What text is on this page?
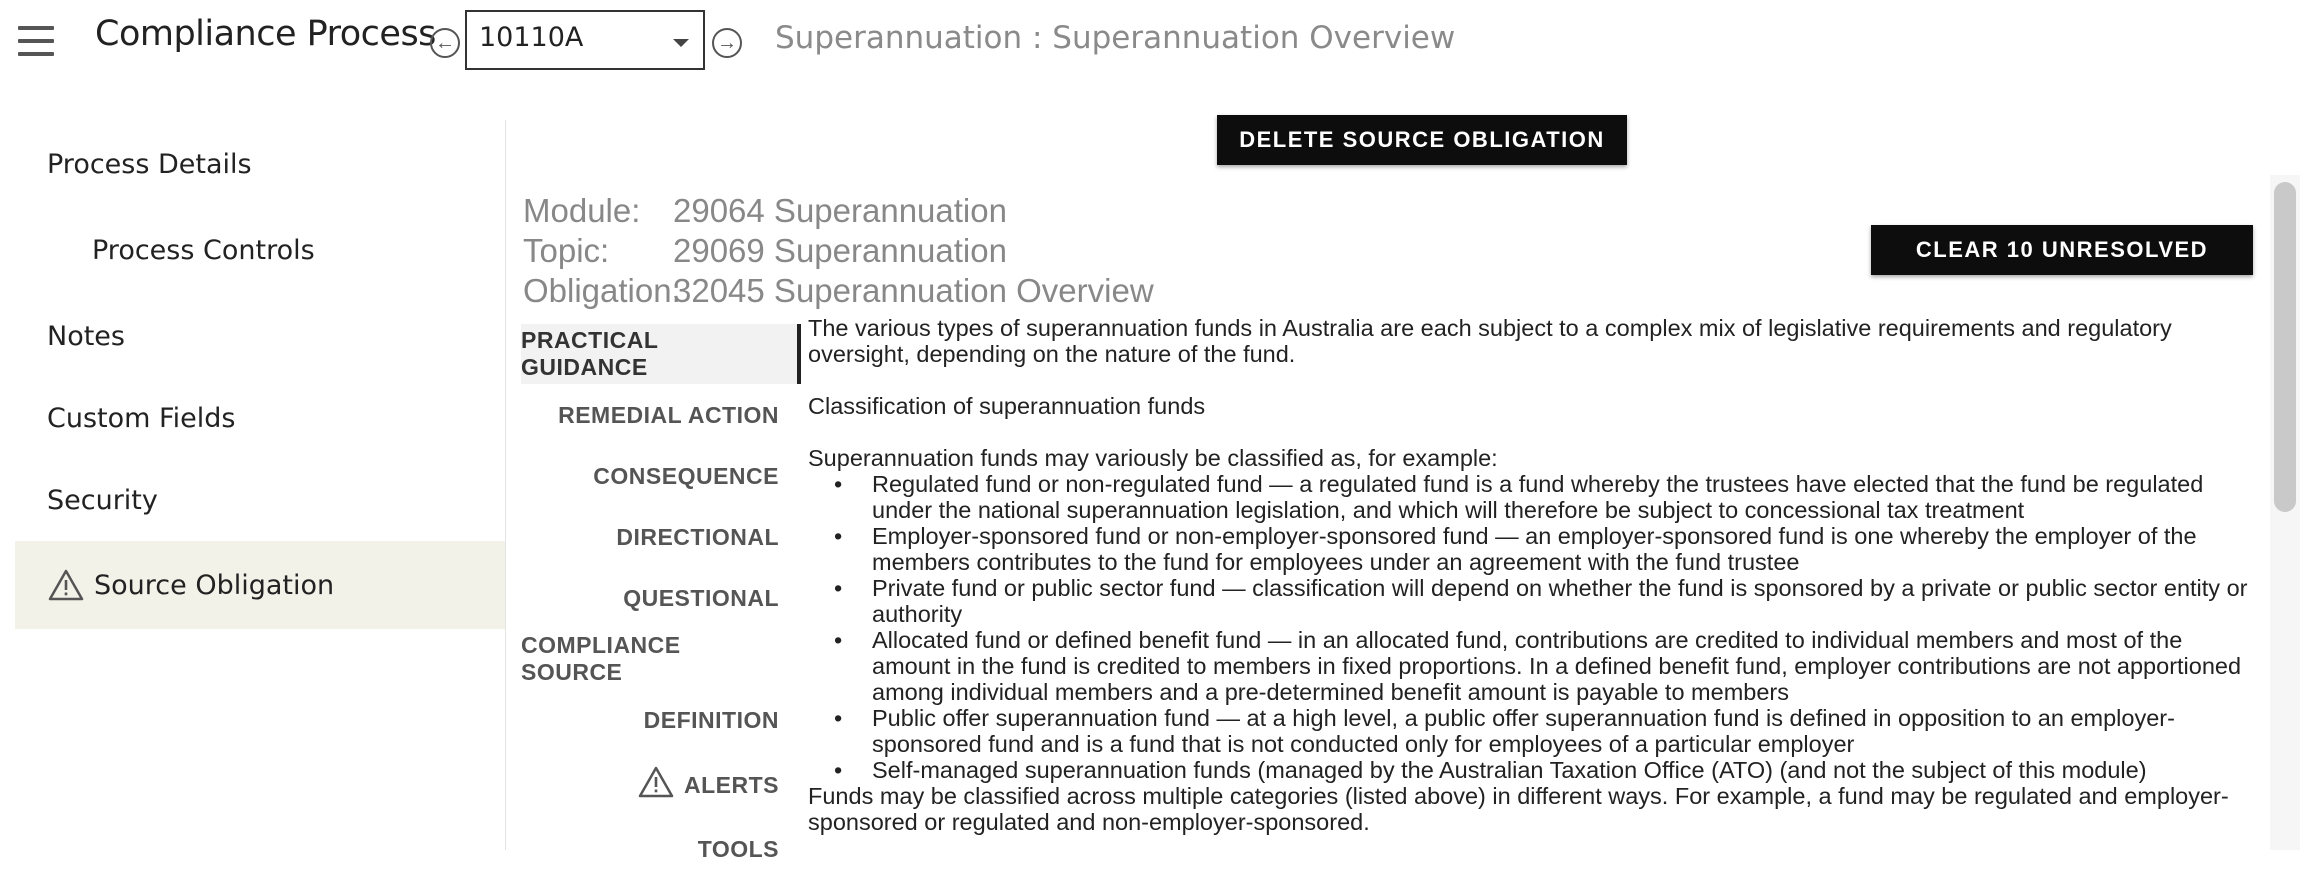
Compliance Process ← 10110A	→ Superannuation : Superannuation Overview
Process Details
Process Controls
Notes
Custom Fields
Security
Source Obligation
DELETE SOURCE OBLIGATION LINK
CLEAR 10 UNRESOLVED ALERTS
Module: 29064 Superannuation
Topic: 29069 Superannuation
Obligation:
32045 Superannuation Overview
PRACTICAL GUIDANCE
REMEDIAL ACTION
CONSEQUENCE
DIRECTIONAL
QUESTIONAL
COMPLIANCE SOURCE
DEFINITION
ALERTS
TOOLS

The various types of superannuation funds in Australia are each subject to a complex mix of legislative requirements and regulatory oversight, depending on the nature of the fund.

Classification of superannuation funds

Superannuation funds may variously be classified as, for example:

• Regulated fund or non-regulated fund — a regulated fund is a fund whereby the trustees have elected that the fund be regulated under the national superannuation legislation, and which will therefore be subject to concessional tax treatment
• Employer-sponsored fund or non-employer-sponsored fund — an employer-sponsored fund is one whereby the employer of the members contributes to the fund for employees under an agreement with the fund trustee
• Private fund or public sector fund — classification will depend on whether the fund is sponsored by a private or public sector entity or authority
• Allocated fund or defined benefit fund — in an allocated fund, contributions are credited to individual members and most of the amount in the fund is credited to members in fixed proportions. In a defined benefit fund, employer contributions are not apportioned among individual members and a pre-determined benefit amount is payable to members
• Public offer superannuation fund — at a high level, a public offer superannuation fund is defined in opposition to an employer-sponsored fund and is a fund that is not conducted only for employees of a particular employer
• Self-managed superannuation funds (managed by the Australian Taxation Office (ATO) (and not the subject of this module)

Funds may be classified across multiple categories (listed above) in different ways. For example, a fund may be regulated and employer-sponsored or regulated and non-employer-sponsored.
